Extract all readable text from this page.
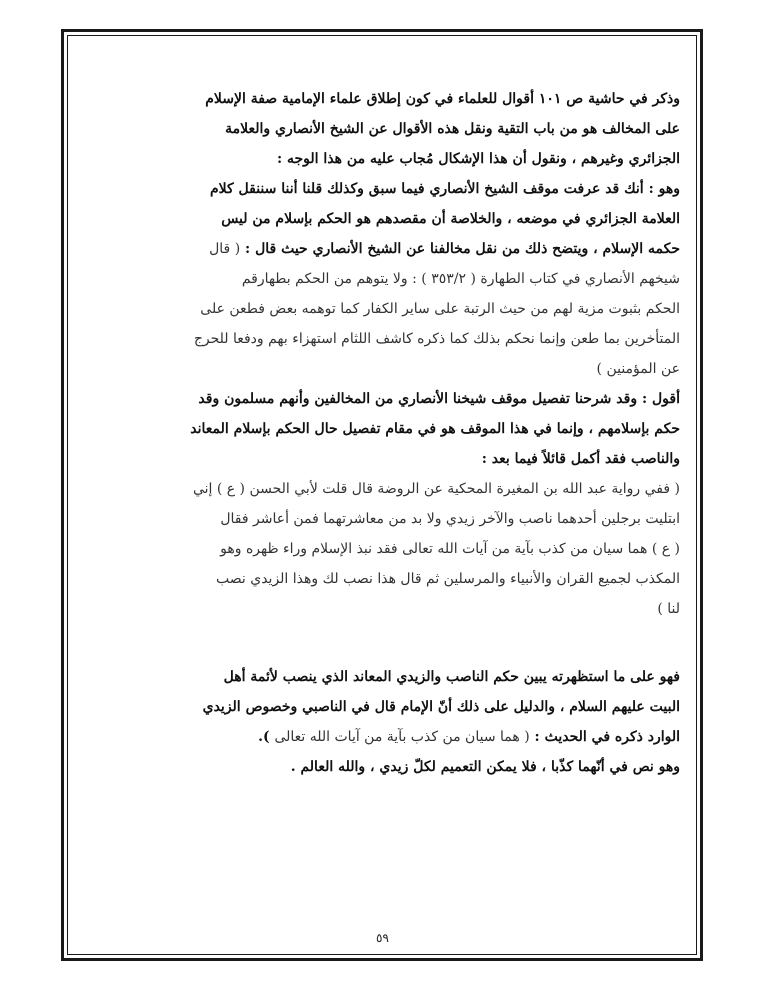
وذكر في حاشية ص ١٠١ أقوال للعلماء في كون إطلاق علماء الإمامية صفة الإسلام
على المخالف هو من باب التقية ونقل هذه الأقوال عن الشيخ الأنصاري والعلامة
الجزائري وغيرهم ، ونقول أن هذا الإشكال مُجاب عليه من هذا الوجه :

وهو : أنك قد عرفت موقف الشيخ الأنصاري فيما سبق وكذلك قلنا أننا سننقل كلام
العلامة الجزائري في موضعه ، والخلاصة أن مقصدهم هو الحكم بإسلام من ليس
حكمه الإسلام ، ويتضح ذلك من نقل مخالفنا عن الشيخ الأنصاري حيث قال : ( قال

شيخهم الأنصاري في كتاب الطهارة ( ٣٥٣/٢ ) : ولا يتوهم من الحكم بطهارقم
الحكم بثبوت مزية لهم من حيث الرتبة على ساير الكفار كما توهمه بعض فطعن على
المتأخرين بما طعن وإنما نحكم بذلك كما ذكره كاشف اللثام استهزاء بهم ودفعا للحرج
عن المؤمنين )

أقول : وقد شرحنا تفصيل موقف شيخنا الأنصاري من المخالفين وأنهم مسلمون وقد
حكم بإسلامهم ، وإنما في هذا الموقف هو في مقام تفصيل حال الحكم بإسلام المعاند
والناصب فقد أكمل قائلاً فيما بعد :

( ففي رواية عبد الله بن المغيرة المحكية عن الروضة قال قلت لأبي الحسن ( ع ) إني
ابتليت برجلين أحدهما ناصب والآخر زيدي ولا بد من معاشرتهما فمن أعاشر فقال
( ع ) هما سيان من كذب بآية من آيات الله تعالى فقد نبذ الإسلام وراء ظهره وهو
المكذب لجميع القران والأنبياء والمرسلين ثم قال هذا نصب لك وهذا الزيدي نصب
لنا )

فهو على ما استظهرته يبين حكم الناصب والزيدي المعاند الذي ينصب لأئمة أهل
البيت عليهم السلام ، والدليل على ذلك أنّ الإمام قال في الناصبي وخصوص الزيدي
الوارد ذكره في الحديث : ( هما سيان من كذب بآية من آيات الله تعالى ).
وهو نص في أنّهما كذّبا ، فلا يمكن التعميم لكلّ زيدي ، والله العالم .

٥٩
